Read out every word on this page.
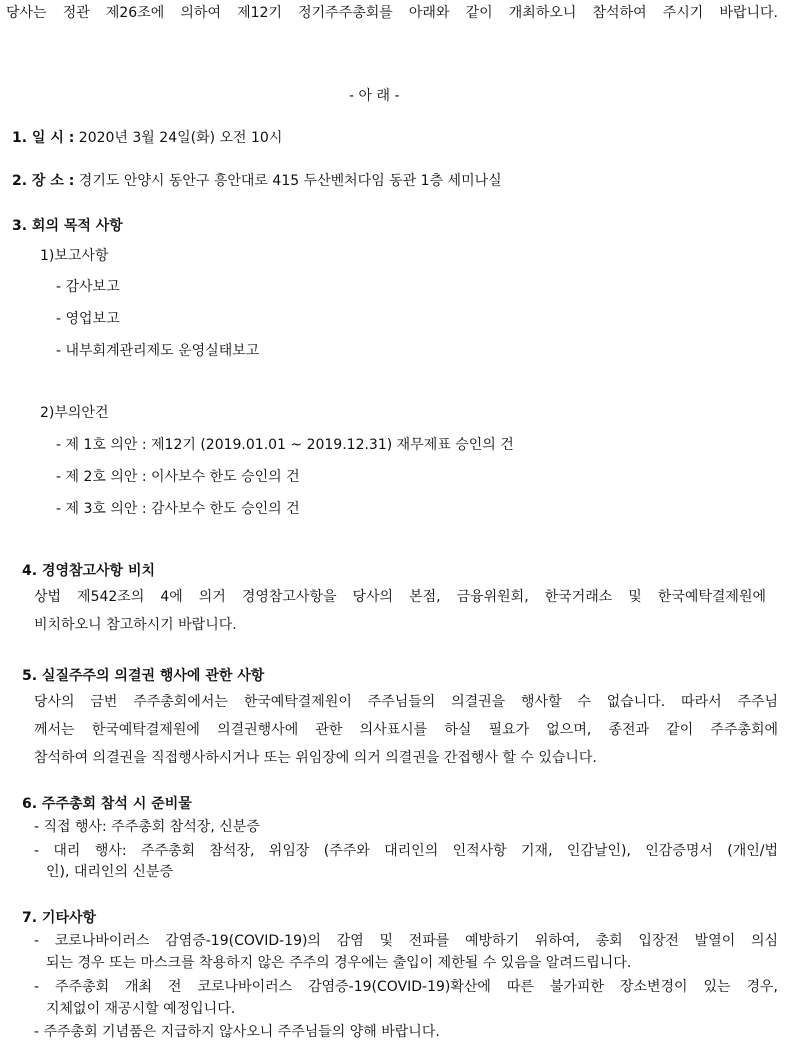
당사는 정관 제26조에 의하여 제12기 정기주주총회를 아래와 같이 개최하오니 참석하여 주시기 바랍니다.
- 아 래 -
1. 일 시 : 2020년 3월 24일(화) 오전 10시
2. 장 소 : 경기도 안양시 동안구 흥안대로 415 두산벤처다임 동관 1층 세미나실
3. 회의 목적 사항
1)보고사항
- 감사보고
- 영업보고
- 내부회계관리제도 운영실태보고
2)부의안건
- 제 1호 의안 : 제12기 (2019.01.01 ~ 2019.12.31) 재무제표 승인의 건
- 제 2호 의안 : 이사보수 한도 승인의 건
- 제 3호 의안 : 감사보수 한도 승인의 건
4. 경영참고사항 비치
상법 제542조의 4에 의거 경영참고사항을 당사의 본점, 금융위원회, 한국거래소 및 한국예탁결제원에
비치하오니 참고하시기 바랍니다.
5. 실질주주의 의결권 행사에 관한 사항
당사의 금번 주주총회에서는 한국예탁결제원이 주주님들의 의결권을 행사할 수 없습니다. 따라서 주주님
께서는 한국예탁결제원에 의결권행사에 관한 의사표시를 하실 필요가 없으며, 종전과 같이 주주총회에
참석하여 의결권을 직접행사하시거나 또는 위임장에 의거 의결권을 간접행사 할 수 있습니다.
6. 주주총회 참석 시 준비물
- 직접 행사: 주주총회 참석장, 신분증
- 대리 행사: 주주총회 참석장, 위임장 (주주와 대리인의 인적사항 기재, 인감날인), 인감증명서 (개인/법
인), 대리인의 신분증
7. 기타사항
- 코로나바이러스 감염증-19(COVID-19)의 감염 및 전파를 예방하기 위하여, 총회 입장전 발열이 의심
되는 경우 또는 마스크를 착용하지 않은 주주의 경우에는 출입이 제한될 수 있음을 알려드립니다.
- 주주총회 개최 전 코로나바이러스 감염증-19(COVID-19)확산에 따른 불가피한 장소변경이 있는 경우,
지체없이 재공시할 예정입니다.
- 주주총회 기념품은 지급하지 않사오니 주주님들의 양해 바랍니다.
